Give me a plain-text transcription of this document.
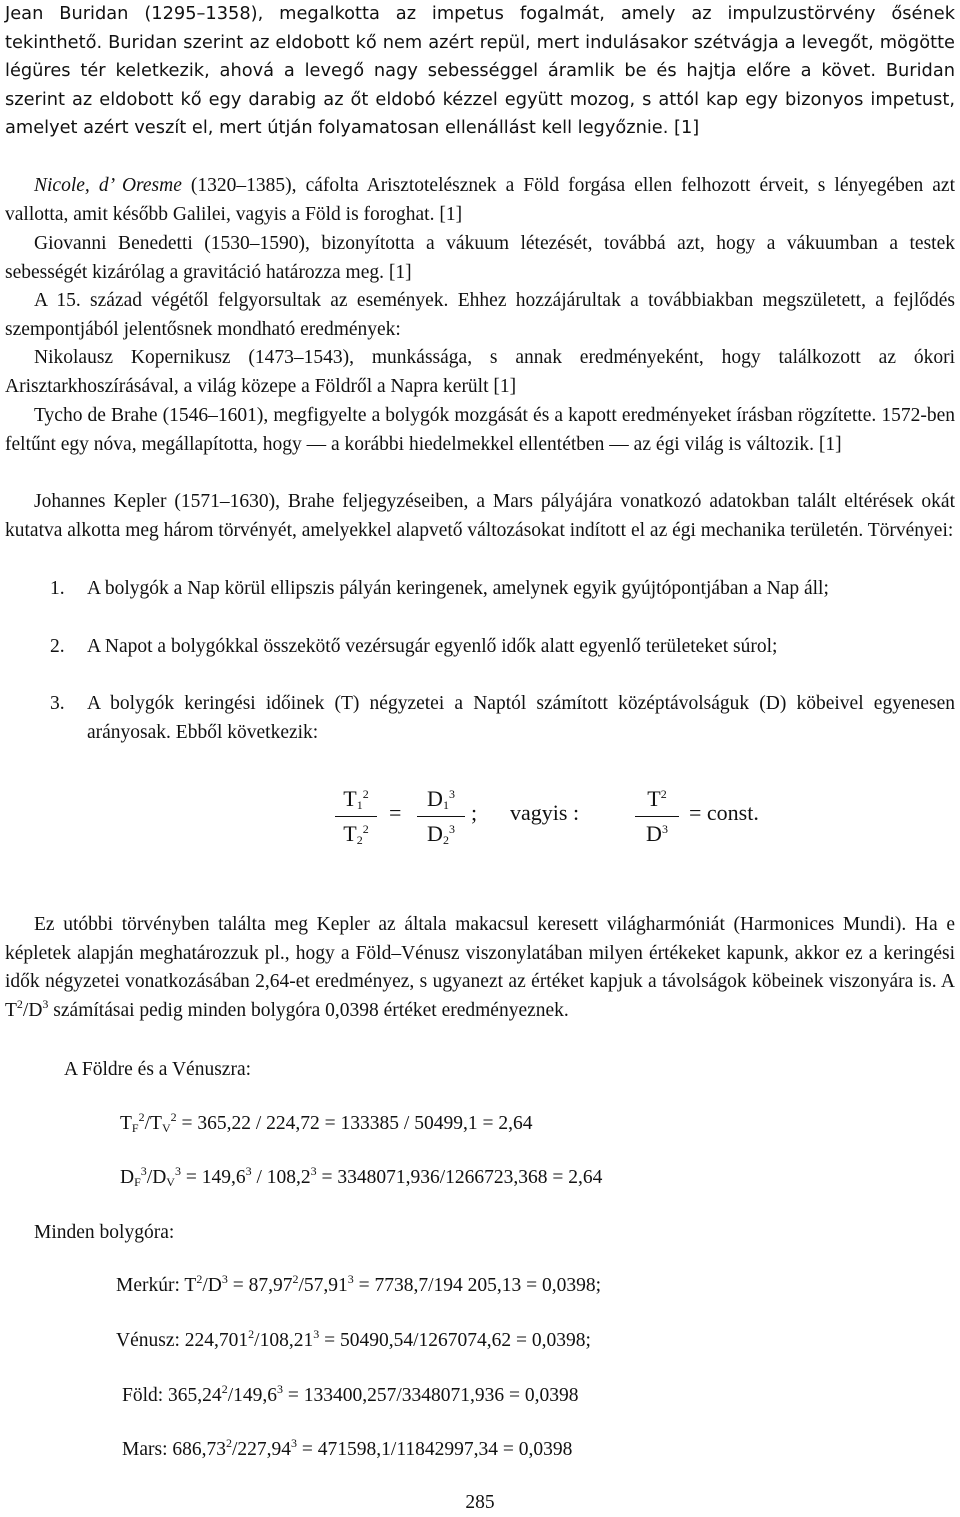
Jean Buridan (1295–1358), megalkotta az impetus fogalmát, amely az impulzustörvény ősének tekinthető. Buridan szerint az eldobott kő nem azért repül, mert indulásakor szétvágja a levegőt, mögötte légüres tér keletkezik, ahová a levegő nagy sebességgel áramlik be és hajtja előre a követ. Buridan szerint az eldobott kő egy darabig az őt eldobó kézzel együtt mozog, s attól kap egy bizonyos impetust, amelyet azért veszít el, mert útján folyamatosan ellenállást kell legyőznie. [1]

Nicole, d’ Oresme (1320–1385), cáfolta Arisztotelésznek a Föld forgása ellen felhozott érveit, s lényegében azt vallotta, amit később Galilei, vagyis a Föld is foroghat. [1]

Giovanni Benedetti (1530–1590), bizonyította a vákuum létezését, továbbá azt, hogy a vákuumban a testek sebességét kizárólag a gravitáció határozza meg. [1]

A 15. század végétől felgyorsultak az események. Ehhez hozzájárultak a továbbiakban megszületett, a fejlődés szempontjából jelentősnek mondható eredmények:

Nikolausz Kopernikusz (1473–1543), munkássága, s annak eredményeként, hogy találkozott az ókori Arisztarkhoszírásával, a világ közepe a Földről a Napra került [1]

Tycho de Brahe (1546–1601), megfigyelte a bolygók mozgását és a kapott eredményeket írásban rögzítette. 1572-ben feltűnt egy nóva, megállapította, hogy — a korábbi hiedelmekkel ellentétben — az égi világ is változik. [1]

Johannes Kepler (1571–1630), Brahe feljegyzéseiben, a Mars pályájára vonatkozó adatokban talált eltérések okát kutatva alkotta meg három törvényét, amelyekkel alapvető változásokat indított el az égi mechanika területén. Törvényei:

1.	A bolygók a Nap körül ellipszis pályán keringenek, amelynek egyik gyújtópontjában a Nap áll;
2.	A Napot a bolygókkal összekötő vezérsugár egyenlő idők alatt egyenlő területeket súrol;
3.	A bolygók keringési időinek (T) négyzetei a Naptól számított középtávolságuk (D) köbeivel egyenesen arányosak. Ebből következik:
$T_1^2$
$T_2^2$
=
$D_1^3$
$D_2^3$
; vagyis :
$T^2$
$D^3$
= const.

Ez utóbbi törvényben találta meg Kepler az általa makacsul keresett világharmóniát (Harmonices Mundi). Ha e képletek alapján meghatározzuk pl., hogy a Föld–Vénusz viszonylatában milyen értékeket kapunk, akkor ez a keringési idők négyzetei vonatkozásában 2,64-et eredményez, s ugyanezt az értéket kapjuk a távolságok köbeinek viszonyára is. A $T^2/D^3$ számításai pedig minden bolygóra 0,0398 értéket eredményeznek.

A Földre és a Vénuszra:
$T_F^2/T_V^2 = 365,22 / 224,72 = 133385 / 50499,1 = 2,64$
$D_F^3/D_V^3 = 149,6^3 / 108,2^3 = 3348071,936/1266723,368 = 2,64$
Minden bolygóra:
Merkúr: $T^2/D^3 = 87,97^2/57,91^3 = 7738,7/194$ 205,13 = 0,0398;
Vénusz: $224,701^2/108,21^3 = 50490,54/1267074,62 = 0,0398$;
Föld: $365,24^2/149,6^3 = 133400,257/3348071,936 = 0,0398$
Mars: $686,73^2/227,94^3 = 471598,1/11842997,34 = 0,0398$
285
